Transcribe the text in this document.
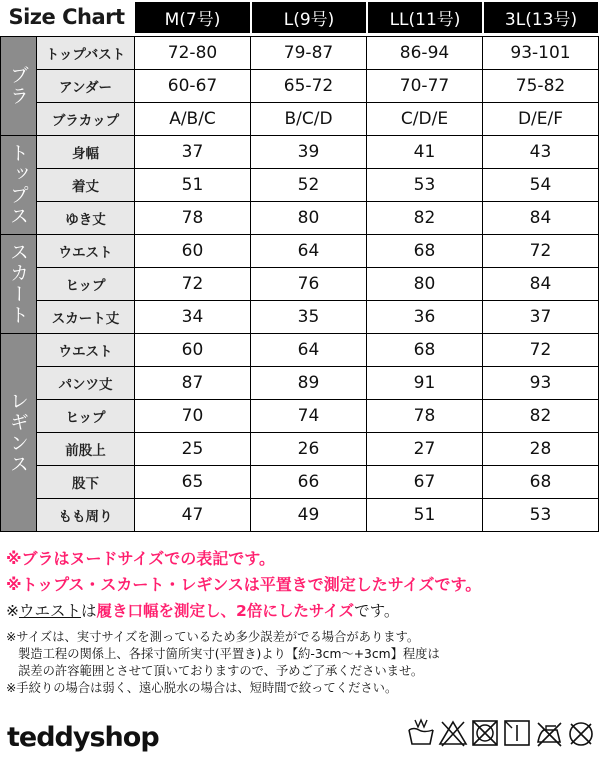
Size Chart	M(7号)	L(9号)	LL(11号)	3L(13号)
ブラ
トップバスト	72-80	79-87	86-94	93-101
アンダー	60-67	65-72	70-77	75-82
ブラカップ	A/B/C	B/C/D	C/D/E	D/E/F
トップス	身幅	37	39	41	43
着丈	51	52	53	54
ゆき丈	78	80	82	84
スカート	ウエスト	60	64	68	72
ヒップ	72	76	80	84
スカート丈	34	35	36	37
レギンス
ウエスト	60	64	68	72
パンツ丈	87	89	91	93
ヒップ	70	74	78	82
前股上	25	26	27	28
股下	65	66	67	68
もも周り	47	49	51	53
※ブラはヌードサイズでの表記です。
※トップス・スカート・レギンスは平置きで測定したサイズです。
※ウエストは履き口幅を測定し、2倍にしたサイズです。
※サイズは、実寸サイズを測っているため多少誤差がでる場合があります。
製造工程の関係上、各採寸箇所実寸(平置き)より【約-3cm～+3cm】程度は
誤差の許容範囲とさせて頂いておりますので、予めご了承くださいませ。
※手絞りの場合は弱く、遠心脱水の場合は、短時間で絞ってください。
teddyshop
